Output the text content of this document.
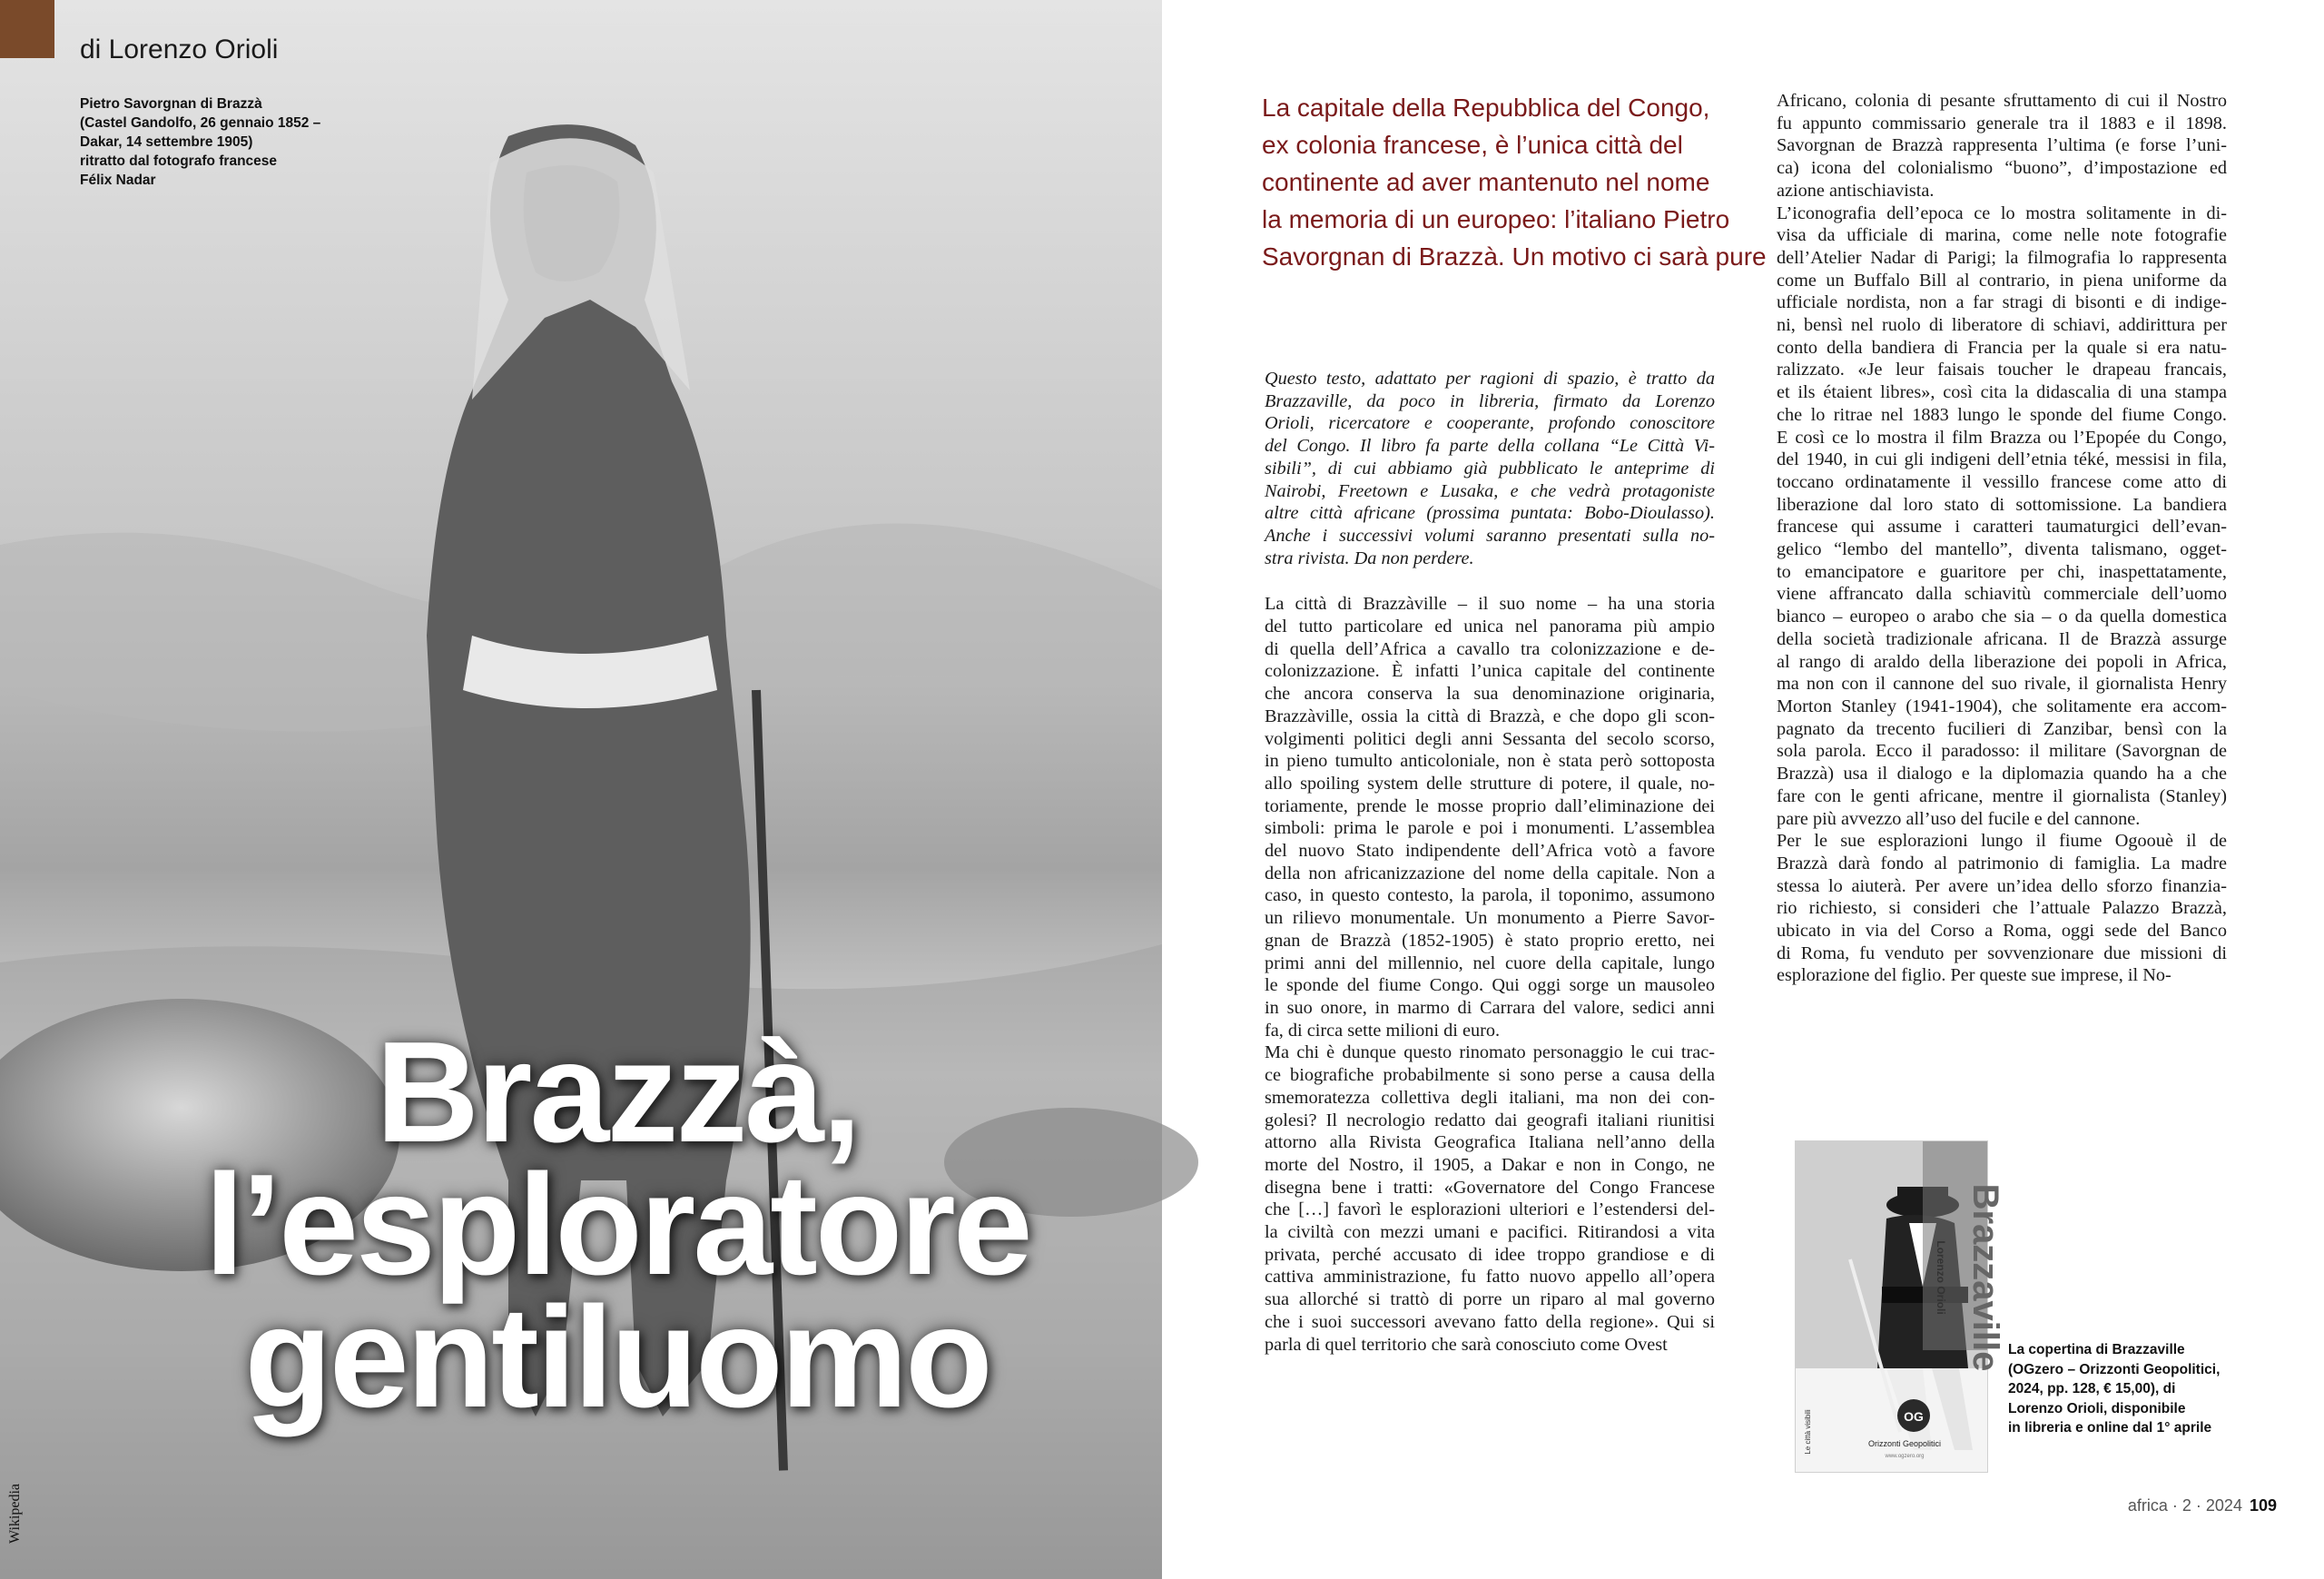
di Lorenzo Orioli
Pietro Savorgnan di Brazzà
(Castel Gandolfo, 26 gennaio 1852 –
Dakar, 14 settembre 1905)
ritratto dal fotografo francese
Félix Nadar
Brazzà,
l’esploratore
gentiluomo
Wikipedia
La capitale della Repubblica del Congo,
ex colonia francese, è l’unica città del
continente ad aver mantenuto nel nome
la memoria di un europeo: l’italiano Pietro
Savorgnan di Brazzà. Un motivo ci sarà pure
Questo testo, adattato per ragioni di spazio, è tratto da
Brazzaville, da poco in libreria, firmato da Lorenzo
Orioli, ricercatore e cooperante, profondo conoscitore
del Congo. Il libro fa parte della collana “Le Città Vi-
sibili”, di cui abbiamo già pubblicato le anteprime di
Nairobi, Freetown e Lusaka, e che vedrà protagoniste
altre città africane (prossima puntata: Bobo-Dioulasso).
Anche i successivi volumi saranno presentati sulla no-
stra rivista. Da non perdere.
La città di Brazzàville – il suo nome – ha una storia
del tutto particolare ed unica nel panorama più ampio
di quella dell’Africa a cavallo tra colonizzazione e de-
colonizzazione. È infatti l’unica capitale del continente
che ancora conserva la sua denominazione originaria,
Brazzàville, ossia la città di Brazzà, e che dopo gli scon-
volgimenti politici degli anni Sessanta del secolo scorso,
in pieno tumulto anticoloniale, non è stata però sottoposta
allo spoiling system delle strutture di potere, il quale, no-
toriamente, prende le mosse proprio dall’eliminazione dei
simboli: prima le parole e poi i monumenti. L’assemblea
del nuovo Stato indipendente dell’Africa votò a favore
della non africanizzazione del nome della capitale. Non a
caso, in questo contesto, la parola, il toponimo, assumono
un rilievo monumentale. Un monumento a Pierre Savor-
gnan de Brazzà (1852-1905) è stato proprio eretto, nei
primi anni del millennio, nel cuore della capitale, lungo
le sponde del fiume Congo. Qui oggi sorge un mausoleo
in suo onore, in marmo di Carrara del valore, sedici anni
fa, di circa sette milioni di euro.
Ma chi è dunque questo rinomato personaggio le cui trac-
ce biografiche probabilmente si sono perse a causa della
smemoratezza collettiva degli italiani, ma non dei con-
golesi? Il necrologio redatto dai geografi italiani riunitisi
attorno alla Rivista Geografica Italiana nell’anno della
morte del Nostro, il 1905, a Dakar e non in Congo, ne
disegna bene i tratti: «Governatore del Congo Francese
che […] favorì le esplorazioni ulteriori e l’estendersi del-
la civiltà con mezzi umani e pacifici. Ritirandosi a vita
privata, perché accusato di idee troppo grandiose e di
cattiva amministrazione, fu fatto nuovo appello all’opera
sua allorché si trattò di porre un riparo al mal governo
che i suoi successori avevano fatto della regione». Qui si
parla di quel territorio che sarà conosciuto come Ovest
Africano, colonia di pesante sfruttamento di cui il Nostro
fu appunto commissario generale tra il 1883 e il 1898.
Savorgnan de Brazzà rappresenta l’ultima (e forse l’uni-
ca) icona del colonialismo “buono”, d’impostazione ed
azione antischiavista.
L’iconografia dell’epoca ce lo mostra solitamente in di-
visa da ufficiale di marina, come nelle note fotografie
dell’Atelier Nadar di Parigi; la filmografia lo rappresenta
come un Buffalo Bill al contrario, in piena uniforme da
ufficiale nordista, non a far stragi di bisonti e di indige-
ni, bensì nel ruolo di liberatore di schiavi, addirittura per
conto della bandiera di Francia per la quale si era natu-
ralizzato. «Je leur faisais toucher le drapeau francais,
et ils étaient libres», così cita la didascalia di una stampa
che lo ritrae nel 1883 lungo le sponde del fiume Congo.
E così ce lo mostra il film Brazza ou l’Epopée du Congo,
del 1940, in cui gli indigeni dell’etnia téké, messisi in fila,
toccano ordinatamente il vessillo francese come atto di
liberazione dal loro stato di sottomissione. La bandiera
francese qui assume i caratteri taumaturgici dell’evan-
gelico “lembo del mantello”, diventa talismano, ogget-
to emancipatore e guaritore per chi, inaspettatamente,
viene affrancato dalla schiavitù commerciale dell’uomo
bianco – europeo o arabo che sia – o da quella domestica
della società tradizionale africana. Il de Brazzà assurge
al rango di araldo della liberazione dei popoli in Africa,
ma non con il cannone del suo rivale, il giornalista Henry
Morton Stanley (1941-1904), che solitamente era accom-
pagnato da trecento fucilieri di Zanzibar, bensì con la
sola parola. Ecco il paradosso: il militare (Savorgnan de
Brazzà) usa il dialogo e la diplomazia quando ha a che
fare con le genti africane, mentre il giornalista (Stanley)
pare più avvezzo all’uso del fucile e del cannone.
Per le sue esplorazioni lungo il fiume Ogoouè il de
Brazzà darà fondo al patrimonio di famiglia. La madre
stessa lo aiuterà. Per avere un’idea dello sforzo finanzia-
rio richiesto, si consideri che l’attuale Palazzo Brazzà,
ubicato in via del Corso a Roma, oggi sede del Banco
di Roma, fu venduto per sovvenzionare due missioni di
esplorazione del figlio. Per queste sue imprese, il No-
OG
Orizzonti Geopolitici
www.ogzero.org
Brazzaville
Lorenzo Orioli
Le città visibili
La copertina di Brazzaville
(OGzero – Orizzonti Geopolitici,
2024, pp. 128, € 15,00), di
Lorenzo Orioli, disponibile
in libreria e online dal 1° aprile
africa · 2 · 2024 109
